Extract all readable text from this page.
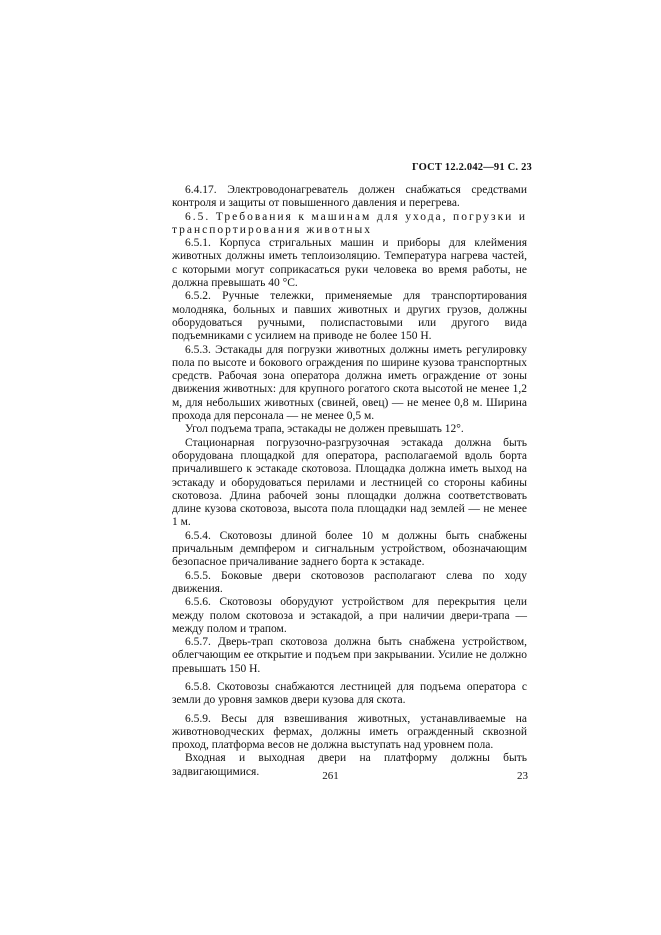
ГОСТ 12.2.042—91 С. 23

6.4.17. Электроводонагреватель должен снабжаться средствами контроля и защиты от повышенного давления и перегрева.

6.5. Требования к машинам для ухода, погрузки и транспортирования животных

6.5.1. Корпуса стригальных машин и приборы для клеймения животных должны иметь теплоизоляцию. Температура нагрева частей, с которыми могут соприкасаться руки человека во время работы, не должна превышать 40 °С.

6.5.2. Ручные тележки, применяемые для транспортирования молодняка, больных и павших животных и других грузов, должны оборудоваться ручными, полиспастовыми или другого вида подъемниками с усилием на приводе не более 150 Н.

6.5.3. Эстакады для погрузки животных должны иметь регулировку пола по высоте и бокового ограждения по ширине кузова транспортных средств. Рабочая зона оператора должна иметь ограждение от зоны движения животных: для крупного рогатого скота высотой не менее 1,2 м, для небольших животных (свиней, овец) — не менее 0,8 м. Ширина прохода для персонала — не менее 0,5 м.

Угол подъема трапа, эстакады не должен превышать 12°.

Стационарная погрузочно-разгрузочная эстакада должна быть оборудована площадкой для оператора, располагаемой вдоль борта причалившего к эстакаде скотовоза. Площадка должна иметь выход на эстакаду и оборудоваться перилами и лестницей со стороны кабины скотовоза. Длина рабочей зоны площадки должна соответствовать длине кузова скотовоза, высота пола площадки над землей — не менее 1 м.

6.5.4. Скотовозы длиной более 10 м должны быть снабжены причальным демпфером и сигнальным устройством, обозначающим безопасное причаливание заднего борта к эстакаде.

6.5.5. Боковые двери скотовозов располагают слева по ходу движения.

6.5.6. Скотовозы оборудуют устройством для перекрытия цели между полом скотовоза и эстакадой, а при наличии двери-трапа — между полом и трапом.

6.5.7. Дверь-трап скотовоза должна быть снабжена устройством, облегчающим ее открытие и подъем при закрывании. Усилие не должно превышать 150 Н.

6.5.8. Скотовозы снабжаются лестницей для подъема оператора с земли до уровня замков двери кузова для скота.

6.5.9. Весы для взвешивания животных, устанавливаемые на животноводческих фермах, должны иметь огражденный сквозной проход, платформа весов не должна выступать над уровнем пола.

Входная и выходная двери на платформу должны быть задвигающимися.	261	23
